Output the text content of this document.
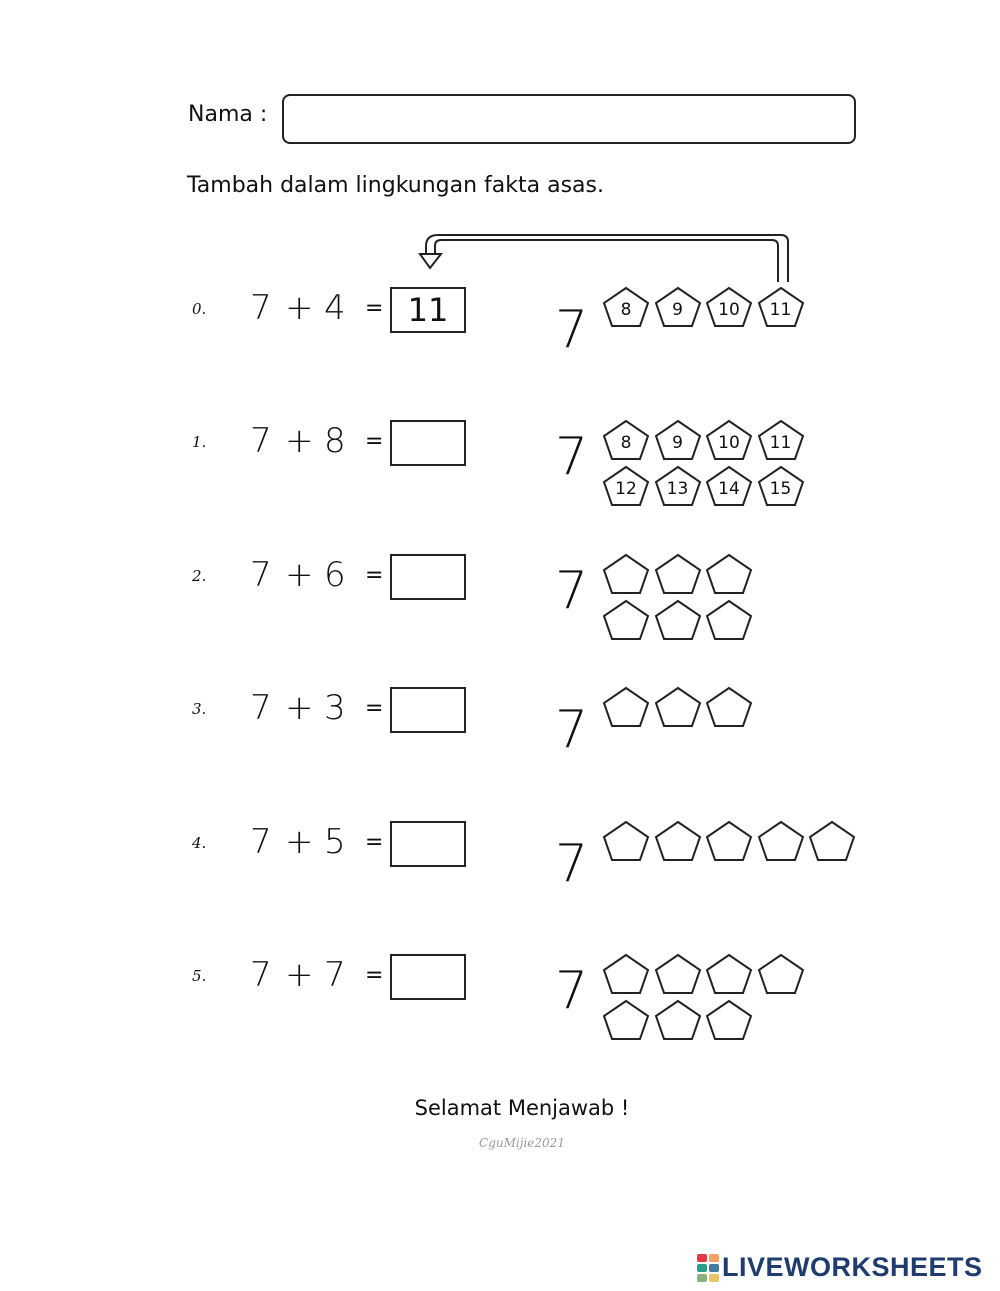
Nama :
Tambah dalam lingkungan fakta asas.
0. 7 + 4 = 11	7	8	9	10	11
1. 7 + 8 =	7	8	9	10	11
12	13	14	15
2. 7 + 6 =	7
3. 7 + 3 =	7
4. 7 + 5 =	7
5. 7 + 7 =	7
Selamat Menjawab !
CguMijie2021
LIVEWORKSHEETS
